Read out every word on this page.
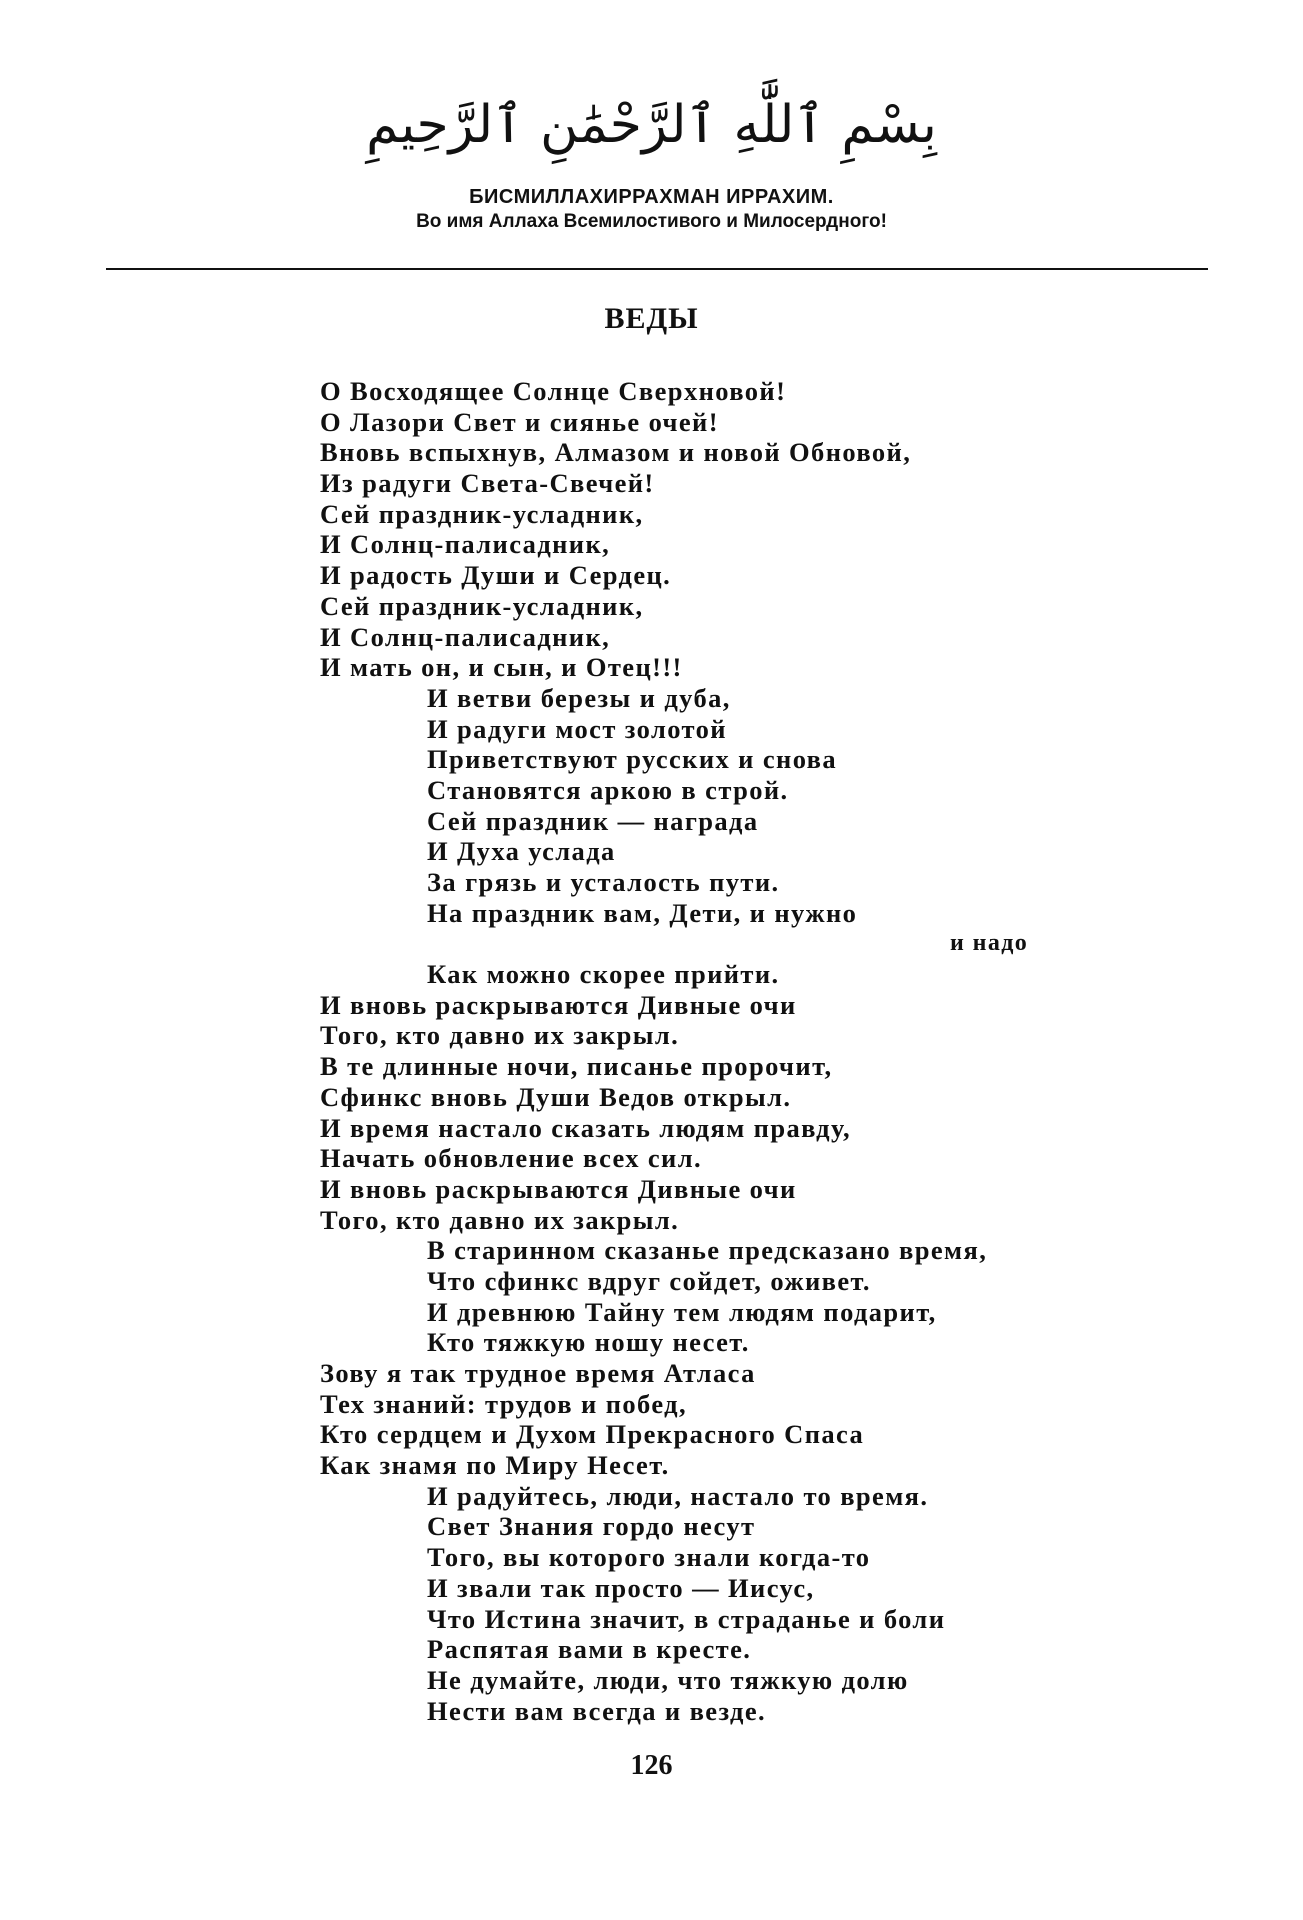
بِسْمِ ٱللَّٰهِ ٱلرَّحْمَٰنِ ٱلرَّحِيمِ
БИСМИЛЛАХИРРАХМАН ИРРАХИМ.
Во имя Аллаха Всемилостивого и Милосердного!
ВЕДЫ
О Восходящее Солнце Сверхновой!
О Лазори Свет и сиянье очей!
Вновь вспыхнув, Алмазом и новой Обновой,
Из радуги Света-Свечей!
Сей праздник-усладник,
И Солнц-палисадник,
И радость Души и Сердец.
Сей праздник-усладник,
И Солнц-палисадник,
И мать он, и сын, и Отец!!!
И ветви березы и дуба,
И радуги мост золотой
Приветствуют русских и снова
Становятся аркою в строй.
Сей праздник — награда
И Духа услада
За грязь и усталость пути.
На праздник вам, Дети, и нужно
и надо
Как можно скорее прийти.
И вновь раскрываются Дивные очи
Того, кто давно их закрыл.
В те длинные ночи, писанье пророчит,
Сфинкс вновь Души Ведов открыл.
И время настало сказать людям правду,
Начать обновление всех сил.
И вновь раскрываются Дивные очи
Того, кто давно их закрыл.
В старинном сказанье предсказано время,
Что сфинкс вдруг сойдет, оживет.
И древнюю Тайну тем людям подарит,
Кто тяжкую ношу несет.
Зову я так трудное время Атласа
Тех знаний: трудов и побед,
Кто сердцем и Духом Прекрасного Спаса
Как знамя по Миру Несет.
И радуйтесь, люди, настало то время.
Свет Знания гордо несут
Того, вы которого знали когда-то
И звали так просто — Иисус,
Что Истина значит, в страданье и боли
Распятая вами в кресте.
Не думайте, люди, что тяжкую долю
Нести вам всегда и везде.
126
